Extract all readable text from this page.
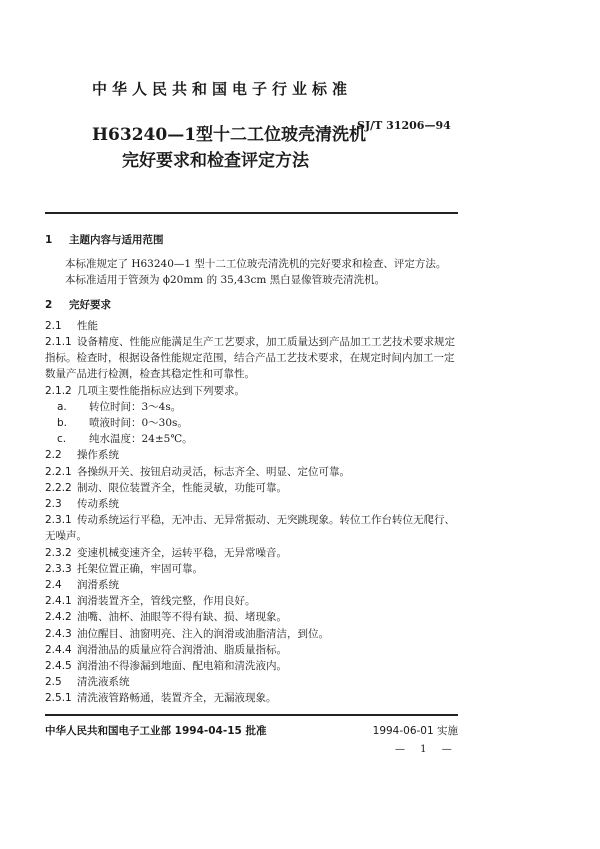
中华人民共和国电子行业标准
SJ/T 31206—94
H63240—1型十二工位玻壳清洗机
完好要求和检查评定方法

1 主题内容与适用范围

本标准规定了 H63240—1 型十二工位玻壳清洗机的完好要求和检查、评定方法。

本标准适用于管颈为 ϕ20mm 的 35,43cm 黑白显像管玻壳清洗机。

2 完好要求

2.1 性能

2.1.1 设备精度、性能应能满足生产工艺要求，加工质量达到产品加工工艺技术要求规定指标。检查时，根据设备性能规定范围，结合产品工艺技术要求，在规定时间内加工一定数量产品进行检测，检查其稳定性和可靠性。

2.1.2 几项主要性能指标应达到下列要求。

a. 转位时间：3～4s。

b. 喷液时间：0～30s。

c. 纯水温度：24±5℃。

2.2 操作系统

2.2.1 各操纵开关、按钮启动灵活，标志齐全、明显、定位可靠。

2.2.2 制动、限位装置齐全，性能灵敏，功能可靠。

2.3 传动系统

2.3.1 传动系统运行平稳，无冲击、无异常振动、无突跳现象。转位工作台转位无爬行、无噪声。

2.3.2 变速机械变速齐全，运转平稳，无异常噪音。

2.3.3 托架位置正确，牢固可靠。

2.4 润滑系统

2.4.1 润滑装置齐全，管线完整，作用良好。

2.4.2 油嘴、油杯、油眼等不得有缺、损、堵现象。

2.4.3 油位醒目、油窗明亮、注入的润滑或油脂清洁，到位。

2.4.4 润滑油品的质量应符合润滑油、脂质量指标。

2.4.5 润滑油不得渗漏到地面、配电箱和清洗液内。

2.5 清洗液系统

2.5.1 清洗液管路畅通，装置齐全，无漏液现象。

中华人民共和国电子工业部 1994-04-15 批准	1994-06-01 实施
— 1 —
